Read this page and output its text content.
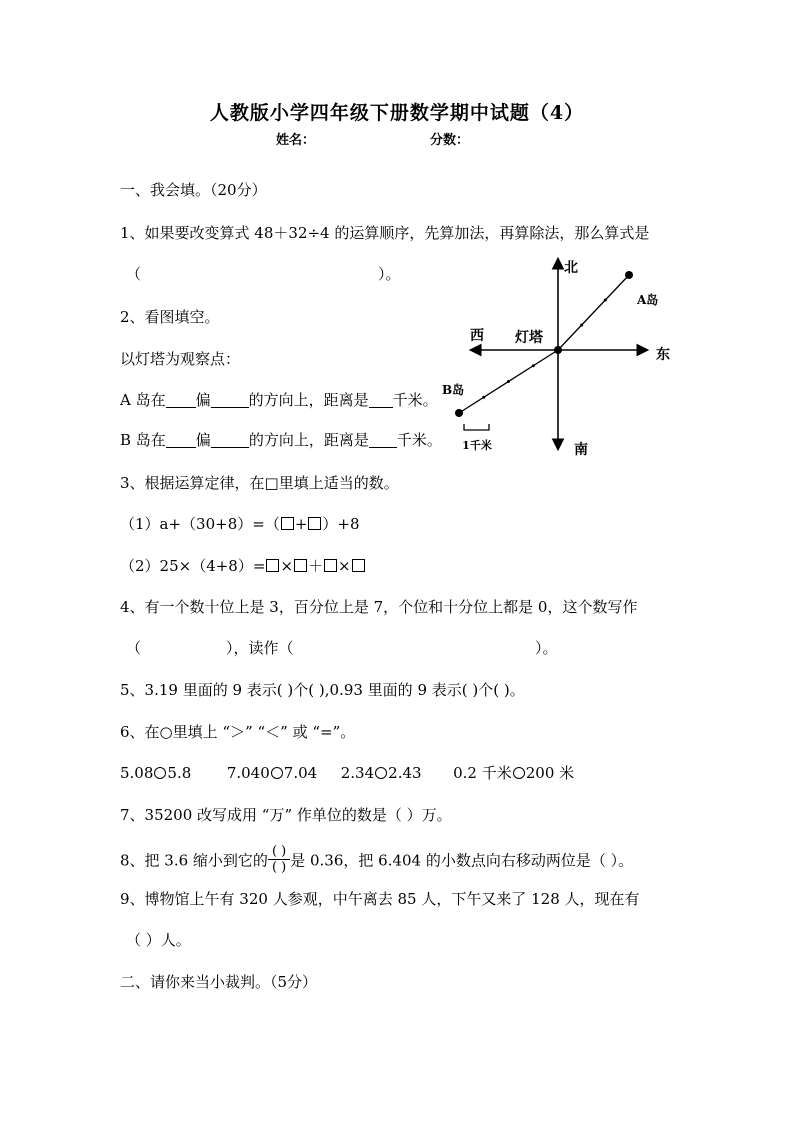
人教版小学四年级下册数学期中试题（4）
姓名：	分数：
一、我会填。（20分）
1、如果要改变算式 48＋32÷4 的运算顺序，先算加法，再算除法，那么算式是
（	）。
2、看图填空。
以灯塔为观察点：
A 岛在 偏	的方向上，距离是 千米。
B 岛在 偏	的方向上，距离是 千米。
北
南
东
西 灯塔
A岛
B岛
1千米
3、根据运算定律，在□里填上适当的数。
（1）a+（30+8）=（ + ）+8
（2）25×（4+8）= × ＋ ×
4、有一个数十位上是 3，百分位上是 7，个位和十分位上都是 0，这个数写作
（	），读作（	）。
5、3.19 里面的 9 表示( )个( ),0.93 里面的 9 表示( )个( )。
6、在○里填上 “＞” “＜” 或 “=”。
5.08 5.8 7.040 7.04 2.34 2.43 0.2 千米 200 米
7、35200 改写成用 “万” 作单位的数是（ ）万。
8、把 3.6 缩小到它的 $\frac{( )}{( )}$ 是 0.36，把 6.404 的小数点向右移动两位是（ ）。
9、博物馆上午有 320 人参观，中午离去 85 人，下午又来了 128 人，现在有
（ ）人。
二、请你来当小裁判。（5分）
